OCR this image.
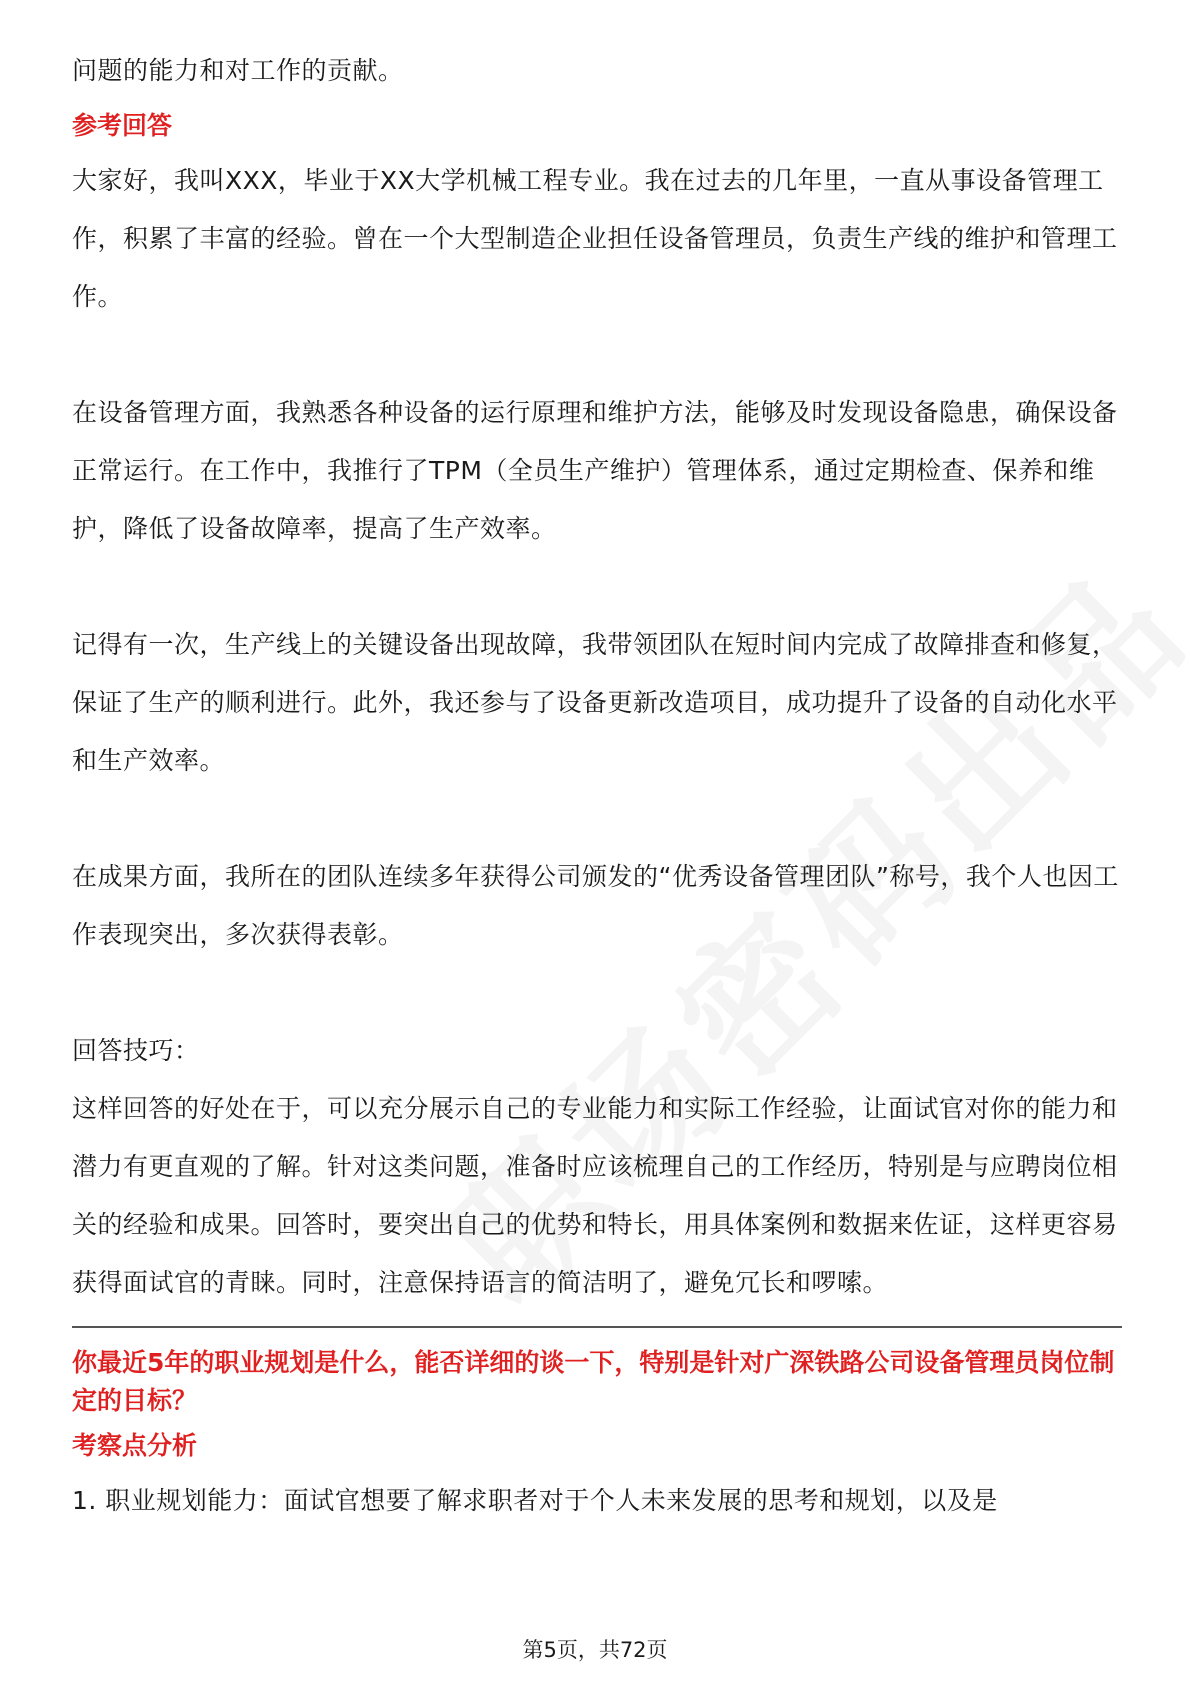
问题的能力和对工作的贡献。

参考回答

大家好，我叫XXX，毕业于XX大学机械工程专业。我在过去的几年里，一直从事设备管理工作，积累了丰富的经验。曾在一个大型制造企业担任设备管理员，负责生产线的维护和管理工作。

在设备管理方面，我熟悉各种设备的运行原理和维护方法，能够及时发现设备隐患，确保设备正常运行。在工作中，我推行了TPM（全员生产维护）管理体系，通过定期检查、保养和维护，降低了设备故障率，提高了生产效率。

记得有一次，生产线上的关键设备出现故障，我带领团队在短时间内完成了故障排查和修复，保证了生产的顺利进行。此外，我还参与了设备更新改造项目，成功提升了设备的自动化水平和生产效率。

在成果方面，我所在的团队连续多年获得公司颁发的“优秀设备管理团队”称号，我个人也因工作表现突出，多次获得表彰。

回答技巧：

这样回答的好处在于，可以充分展示自己的专业能力和实际工作经验，让面试官对你的能力和潜力有更直观的了解。针对这类问题，准备时应该梳理自己的工作经历，特别是与应聘岗位相关的经验和成果。回答时，要突出自己的优势和特长，用具体案例和数据来佐证，这样更容易获得面试官的青睐。同时，注意保持语言的简洁明了，避免冗长和啰嗦。

你最近5年的职业规划是什么，能否详细的谈一下，特别是针对广深铁路公司设备管理员岗位制定的目标？

考察点分析

1. 职业规划能力：面试官想要了解求职者对于个人未来发展的思考和规划，以及是

第5页，共72页
